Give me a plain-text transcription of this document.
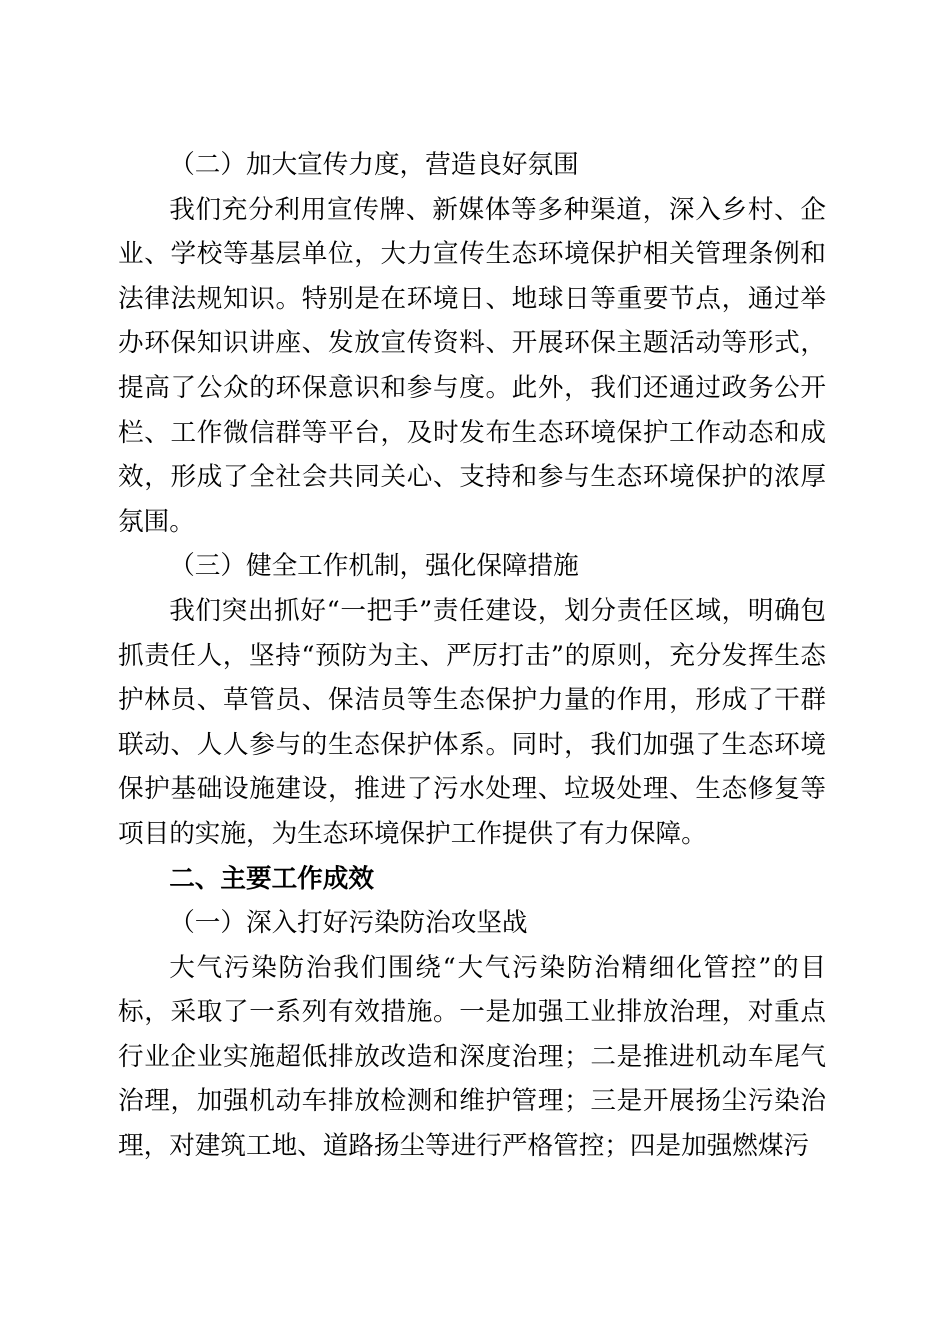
（二）加大宣传力度，营造良好氛围

我们充分利用宣传牌、新媒体等多种渠道，深入乡村、企业、学校等基层单位，大力宣传生态环境保护相关管理条例和法律法规知识。特别是在环境日、地球日等重要节点，通过举办环保知识讲座、发放宣传资料、开展环保主题活动等形式，提高了公众的环保意识和参与度。此外，我们还通过政务公开栏、工作微信群等平台，及时发布生态环境保护工作动态和成效，形成了全社会共同关心、支持和参与生态环境保护的浓厚氛围。

（三）健全工作机制，强化保障措施

我们突出抓好“一把手”责任建设，划分责任区域，明确包抓责任人，坚持“预防为主、严厉打击”的原则，充分发挥生态护林员、草管员、保洁员等生态保护力量的作用，形成了干群联动、人人参与的生态保护体系。同时，我们加强了生态环境保护基础设施建设，推进了污水处理、垃圾处理、生态修复等项目的实施，为生态环境保护工作提供了有力保障。

二、主要工作成效

（一）深入打好污染防治攻坚战

大气污染防治我们围绕“大气污染防治精细化管控”的目标，采取了一系列有效措施。一是加强工业排放治理，对重点行业企业实施超低排放改造和深度治理；二是推进机动车尾气治理，加强机动车排放检测和维护管理；三是开展扬尘污染治理，对建筑工地、道路扬尘等进行严格管控；四是加强燃煤污
